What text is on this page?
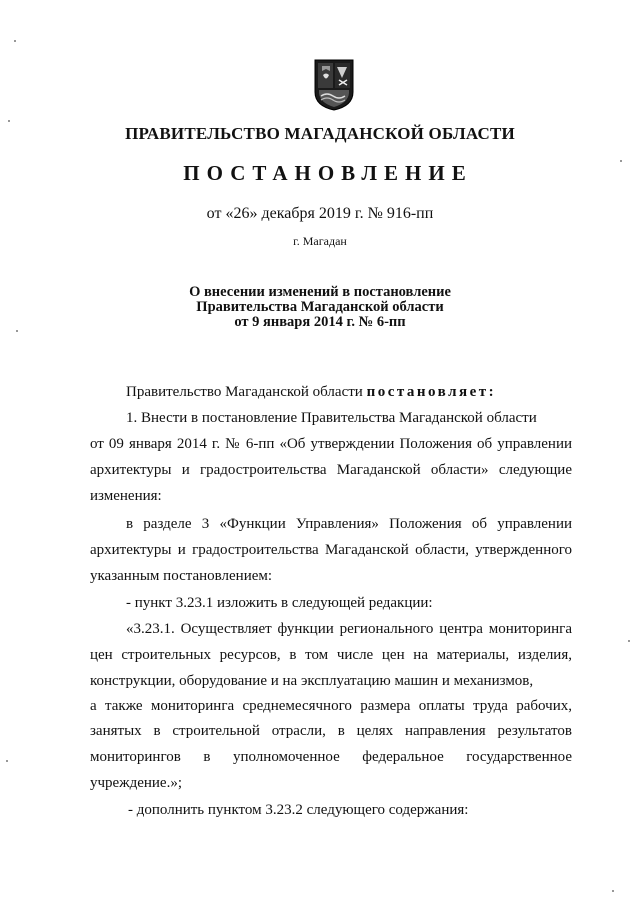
ПРАВИТЕЛЬСТВО МАГАДАНСКОЙ ОБЛАСТИ
ПОСТАНОВЛЕНИЕ
от «26» декабря 2019 г. № 916-пп
г. Магадан
О внесении изменений в постановление
Правительства Магаданской области
от 9 января 2014 г. № 6-пп
Правительство Магаданской области постановляет:
1. Внести в постановление Правительства Магаданской области
от 09 января 2014 г. № 6-пп «Об утверждении Положения об управлении
архитектуры и градостроительства Магаданской области» следующие
изменения:
в разделе 3 «Функции Управления» Положения об управлении
архитектуры и градостроительства Магаданской области, утвержденного
указанным постановлением:
- пункт 3.23.1 изложить в следующей редакции:
«3.23.1. Осуществляет функции регионального центра мониторинга
цен строительных ресурсов, в том числе цен на материалы, изделия,
конструкции, оборудование и на эксплуатацию машин и механизмов,
а также мониторинга среднемесячного размера оплаты труда рабочих,
занятых в строительной отрасли, в целях направления результатов
мониторингов в уполномоченное федеральное государственное
учреждение.»;
- дополнить пунктом 3.23.2 следующего содержания:
